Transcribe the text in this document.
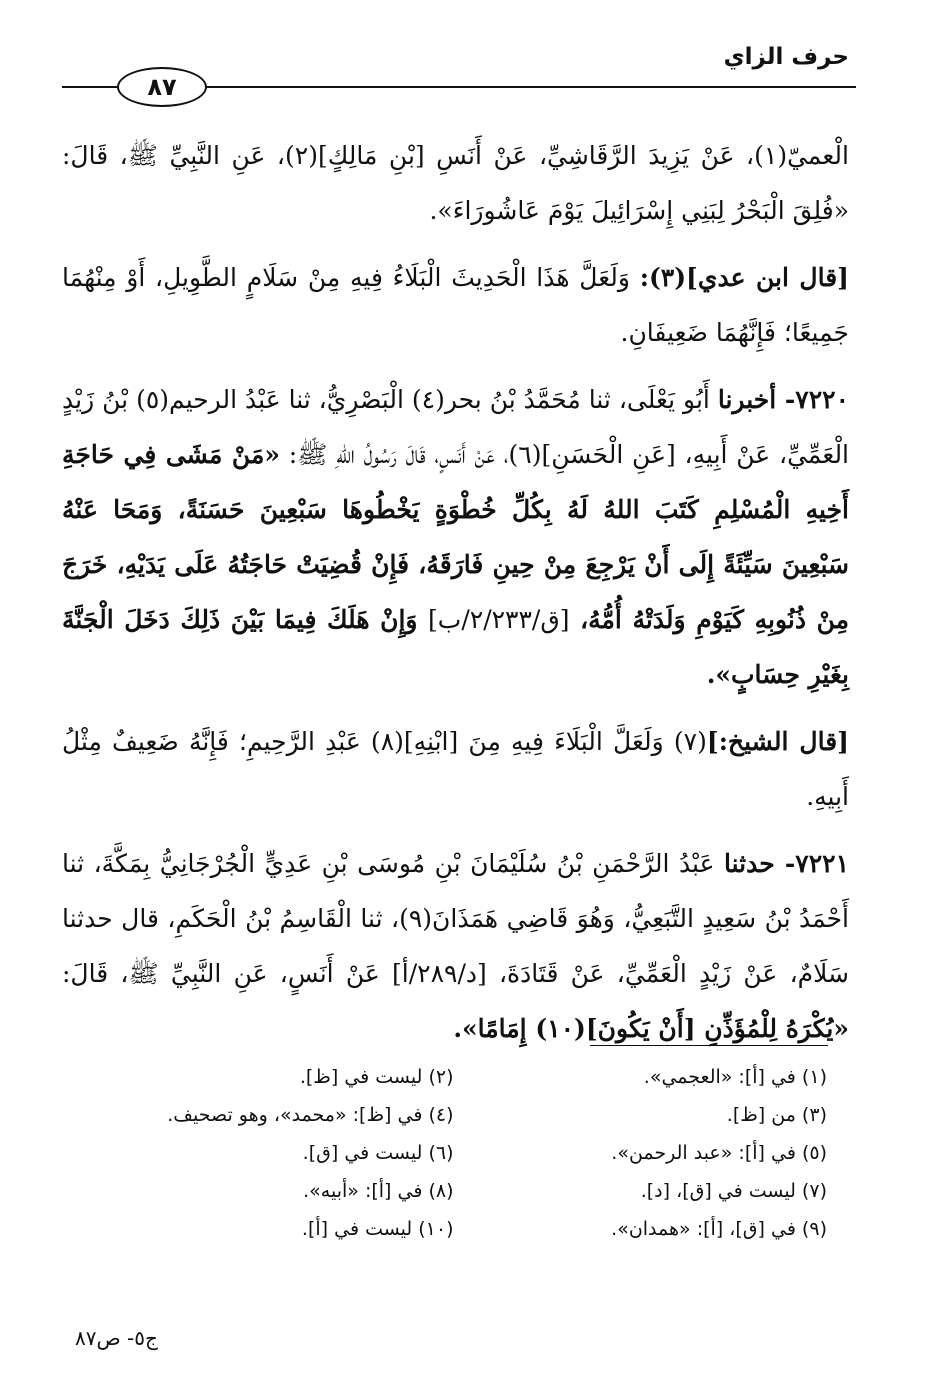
حرف الزاي
٨٧

الْعميّ(١)، عَنْ يَزِيدَ الرَّقَاشِيِّ، عَنْ أَنَسِ [بْنِ مَالِكٍ](٢)، عَنِ النَّبِيِّ ﷺ، قَالَ: «فُلِقَ الْبَحْرُ لِبَنِي إِسْرَائِيلَ يَوْمَ عَاشُورَاءَ».

[قال ابن عدي](٣): وَلَعَلَّ هَذَا الْحَدِيثَ الْبَلَاءُ فِيهِ مِنْ سَلَامٍ الطَّوِيلِ، أَوْ مِنْهُمَا جَمِيعًا؛ فَإِنَّهُمَا ضَعِيفَانِ.

٧٢٢٠- أخبرنا أَبُو يَعْلَى، ثنا مُحَمَّدُ بْنُ بحر(٤) الْبَصْرِيُّ، ثنا عَبْدُ الرحيم(٥) بْنُ زَيْدٍ الْعَمِّيِّ، عَنْ أَبِيهِ، [عَنِ الْحَسَنِ](٦)، عَنْ أَنَسٍ، قَالَ رَسُولُ اللهِ ﷺ: «مَنْ مَشَى فِي حَاجَةِ أَخِيهِ الْمُسْلِمِ كَتَبَ اللهُ لَهُ بِكُلِّ خُطْوَةٍ يَخْطُوهَا سَبْعِينَ حَسَنَةً، وَمَحَا عَنْهُ سَبْعِينَ سَيِّئَةً إِلَى أَنْ يَرْجِعَ مِنْ حِينِ فَارَقَهُ، فَإِنْ قُضِيَتْ حَاجَتُهُ عَلَى يَدَيْهِ، خَرَجَ مِنْ ذُنُوبِهِ كَيَوْمِ وَلَدَتْهُ أُمُّهُ، [ق/٢/٢٣٣/ب] وَإِنْ هَلَكَ فِيمَا بَيْنَ ذَلِكَ دَخَلَ الْجَنَّةَ بِغَيْرِ حِسَابٍ».

[قال الشيخ:](٧) وَلَعَلَّ الْبَلَاءَ فِيهِ مِنَ [ابْنِهِ](٨) عَبْدِ الرَّحِيمِ؛ فَإِنَّهُ ضَعِيفٌ مِثْلُ أَبِيهِ.

٧٢٢١- حدثنا عَبْدُ الرَّحْمَنِ بْنُ سُلَيْمَانَ بْنِ مُوسَى بْنِ عَدِيٍّ الْجُرْجَانِيُّ بِمَكَّةَ، ثنا أَحْمَدُ بْنُ سَعِيدٍ التَّبَعِيُّ، وَهُوَ قَاضِي هَمَذَانَ(٩)، ثنا الْقَاسِمُ بْنُ الْحَكَمِ، قال حدثنا سَلَامٌ، عَنْ زَيْدٍ الْعَمِّيِّ، عَنْ قَتَادَةَ، [د/٢٨٩/أ] عَنْ أَنَسٍ، عَنِ النَّبِيِّ ﷺ، قَالَ: «يُكْرَهُ لِلْمُؤَذِّنِ [أَنْ يَكُونَ](١٠) إِمَامًا».

(١) في [أ]: «العجمي».
(٢) ليست في [ظ].
(٣) من [ظ].
(٤) في [ظ]: «محمد»، وهو تصحيف.
(٥) في [أ]: «عبد الرحمن».
(٦) ليست في [ق].
(٧) ليست في [ق]، [د].
(٨) في [أ]: «أبيه».
(٩) في [ق]، [أ]: «همدان».
(١٠) ليست في [أ].
ج٥- ص٨٧
